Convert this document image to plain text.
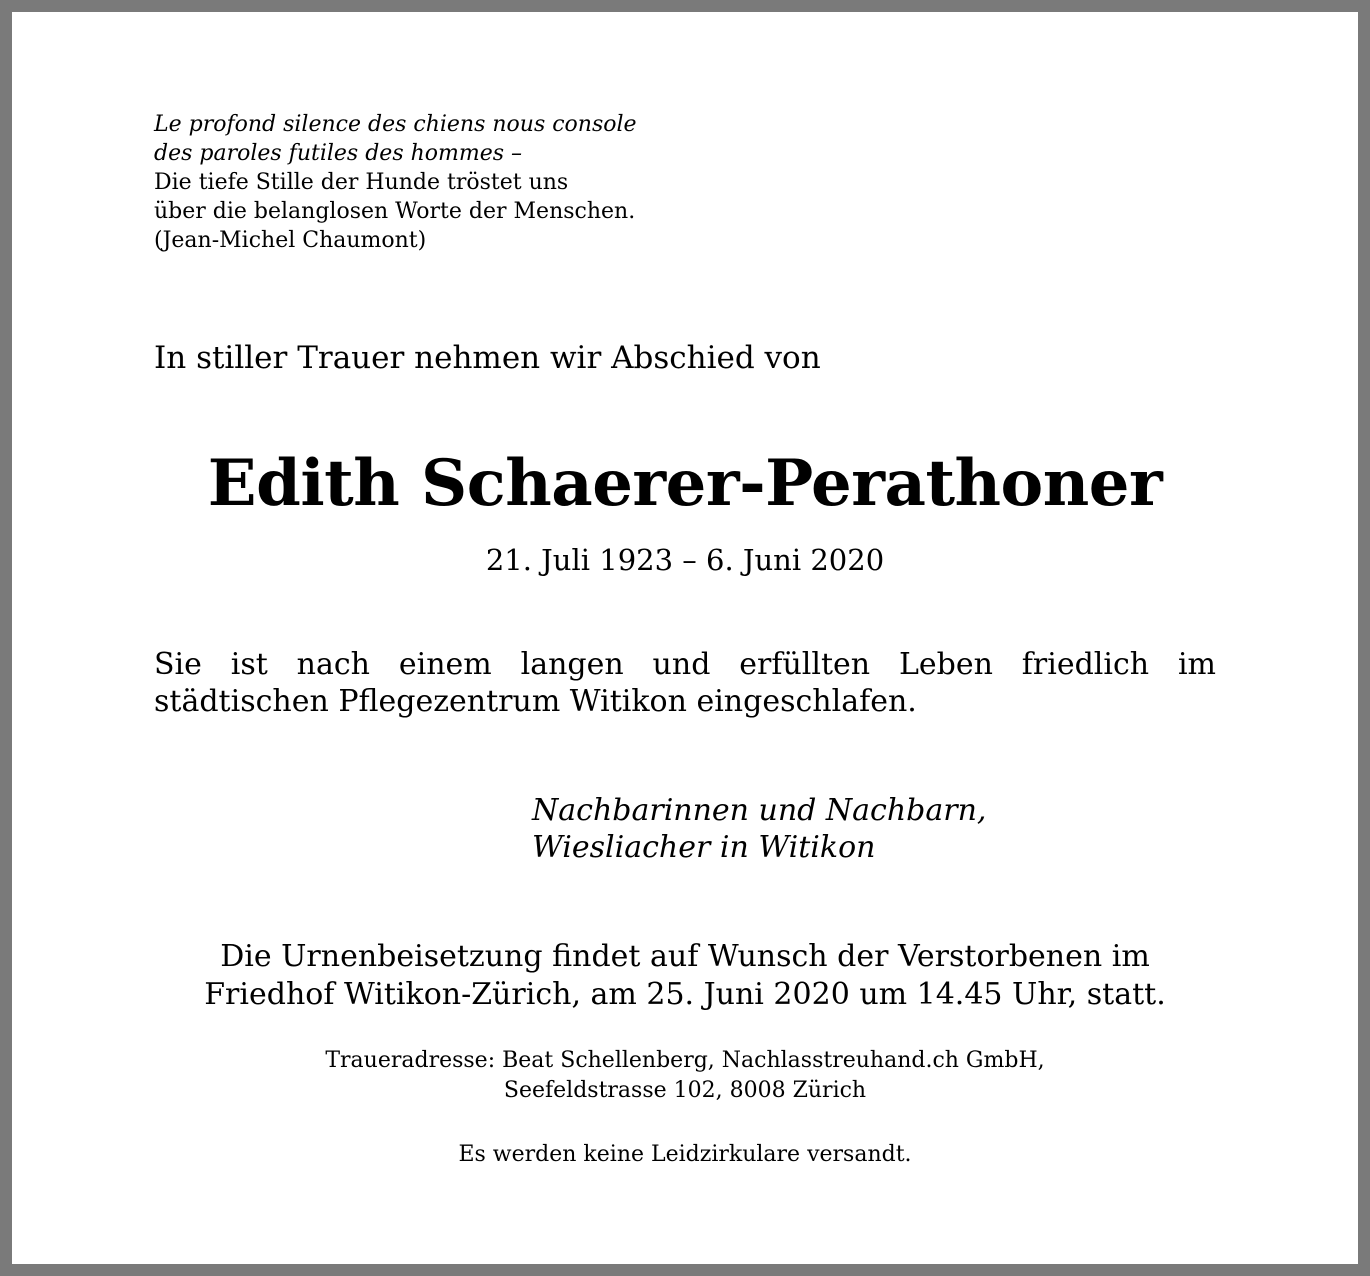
Le profond silence des chiens nous console
des paroles futiles des hommes –
Die tiefe Stille der Hunde tröstet uns
über die belanglosen Worte der Menschen.
(Jean-Michel Chaumont)

In stiller Trauer nehmen wir Abschied von

Edith Schaerer-Perathoner

21. Juli 1923 – 6. Juni 2020

Sie ist nach einem langen und erfüllten Leben friedlich im
städtischen Pflegezentrum Witikon eingeschlafen.
Nachbarinnen und Nachbarn,
Wiesliacher in Witikon
Die Urnenbeisetzung findet auf Wunsch der Verstorbenen im
Friedhof Witikon-Zürich, am 25. Juni 2020 um 14.45 Uhr, statt.
Traueradresse: Beat Schellenberg, Nachlasstreuhand.ch GmbH,
Seefeldstrasse 102, 8008 Zürich

Es werden keine Leidzirkulare versandt.
